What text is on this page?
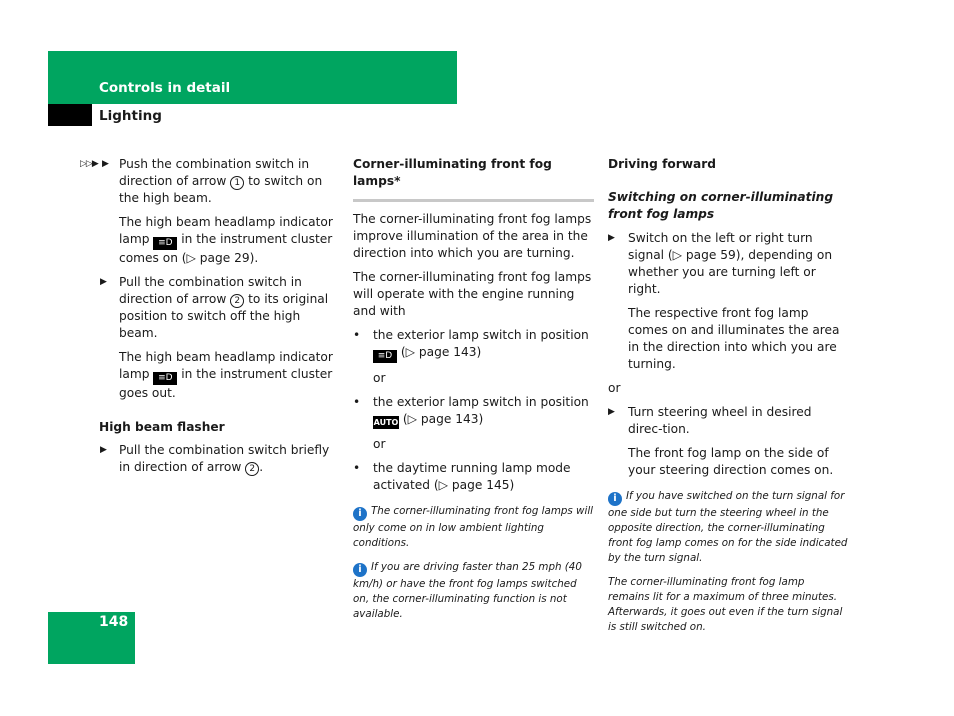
Controls in detail
Lighting
▷▷▶ ▶ Push the combination switch in direction of arrow 1 to switch on the high beam.
The high beam headlamp indicator lamp ≡D in the instrument cluster comes on (▷ page 29).
▶ Pull the combination switch in direction of arrow 2 to its original position to switch off the high beam.
The high beam headlamp indicator lamp ≡D in the instrument cluster goes out.
High beam flasher
▶ Pull the combination switch briefly in direction of arrow 2 .
Corner-illuminating front fog lamps*

The corner-illuminating front fog lamps improve illumination of the area in the direction into which you are turning.

The corner-illuminating front fog lamps will operate with the engine running and with

• the exterior lamp switch in position ≡D (▷ page 143)
or
• the exterior lamp switch in position AUTO (▷ page 143)
or
• the daytime running lamp mode activated (▷ page 145)
i The corner-illuminating front fog lamps will only come on in low ambient lighting conditions.
i If you are driving faster than 25 mph (40 km/h) or have the front fog lamps switched on, the corner-illuminating function is not available.
Driving forward
Switching on corner-illuminating front fog lamps
▶ Switch on the left or right turn signal (▷ page 59), depending on whether you are turning left or right.
The respective front fog lamp comes on and illuminates the area in the direction into which you are turning.
or
▶ Turn steering wheel in desired direc-tion.
The front fog lamp on the side of your steering direction comes on.
i If you have switched on the turn signal for one side but turn the steering wheel in the opposite direction, the corner-illuminating front fog lamp comes on for the side indicated by the turn signal.
The corner-illuminating front fog lamp remains lit for a maximum of three minutes. Afterwards, it goes out even if the turn signal is still switched on.
148
